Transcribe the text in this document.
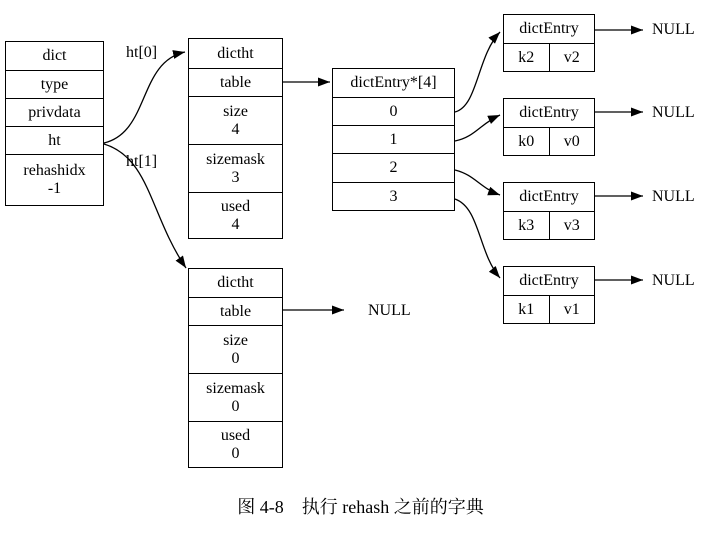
dict
type
privdata
ht
rehashidx
-1
ht[0]
ht[1]
dictht
table
size
4
sizemask
3
used
4
dictht
table
size
0
sizemask
0
used
0
NULL
dictEntry*[4]
0
1
2
3
dictEntry
k2	v2
NULL
dictEntry
k0	v0
NULL
dictEntry
k3	v3
NULL
dictEntry
k1	v1
NULL
图 4-8　执行 rehash 之前的字典
